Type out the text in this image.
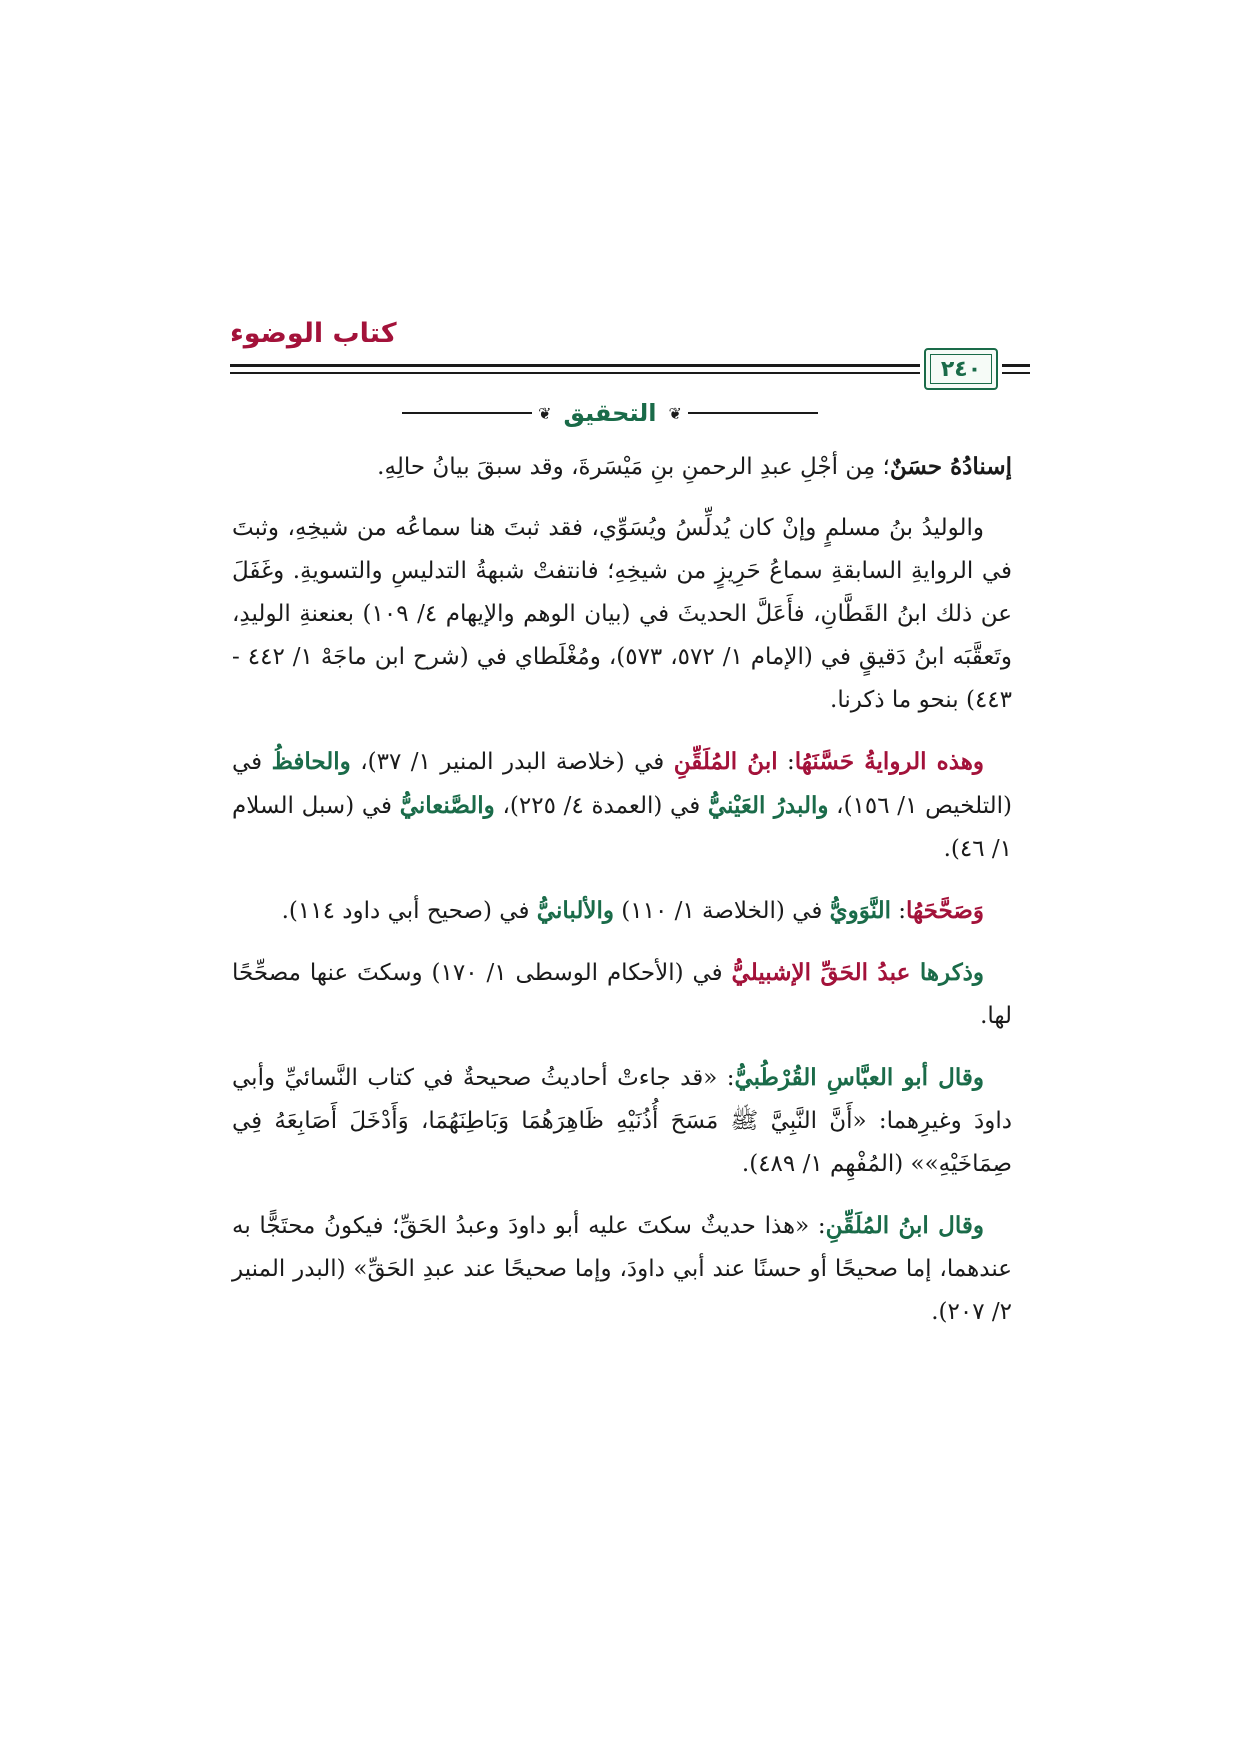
كتاب الوضوء
٢٤٠
❦ التحقيق ❦

إسنادُهُ حسَنٌ؛ مِن أجْلِ عبدِ الرحمنِ بنِ مَيْسَرةَ، وقد سبقَ بيانُ حالِهِ.

والوليدُ بنُ مسلمٍ وإنْ كان يُدلِّسُ ويُسَوِّي، فقد ثبتَ هنا سماعُه من شيخِهِ، وثبتَ في الروايةِ السابقةِ سماعُ حَرِيزٍ من شيخِهِ؛ فانتفتْ شبهةُ التدليسِ والتسويةِ. وغَفَلَ عن ذلك ابنُ القَطَّانِ، فأَعَلَّ الحديثَ في (بيان الوهم والإيهام ٤/ ١٠٩) بعنعنةِ الوليدِ، وتَعقَّبَه ابنُ دَقيقٍ في (الإمام ١/ ٥٧٢، ٥٧٣)، ومُغْلَطاي في (شرح ابن ماجَهْ ١/ ٤٤٢ - ٤٤٣) بنحو ما ذكرنا.

وهذه الروايةُ حَسَّنَهُا: ابنُ المُلَقِّنِ في (خلاصة البدر المنير ١/ ٣٧)، والحافظُ في (التلخيص ١/ ١٥٦)، والبدرُ العَيْنيُّ في (العمدة ٤/ ٢٢٥)، والصَّنعانيُّ في (سبل السلام ١/ ٤٦).

وَصَحَّحَهُا: النَّوَويُّ في (الخلاصة ١/ ١١٠) والألبانيُّ في (صحيح أبي داود ١١٤).

وذكرها عبدُ الحَقِّ الإشبيليُّ في (الأحكام الوسطى ١/ ١٧٠) وسكتَ عنها مصحِّحًا لها.

وقال أبو العبَّاسِ القُرْطُبيُّ: «قد جاءتْ أحاديثُ صحيحةٌ في كتاب النَّسائيِّ وأبي داودَ وغيرِهما: «أَنَّ النَّبِيَّ ﷺ مَسَحَ أُذُنَيْهِ ظَاهِرَهُمَا وَبَاطِنَهُمَا، وَأَدْخَلَ أَصَابِعَهُ فِي صِمَاخَيْهِ»» (المُفْهِم ١/ ٤٨٩).

وقال ابنُ المُلَقِّنِ: «هذا حديثٌ سكتَ عليه أبو داودَ وعبدُ الحَقِّ؛ فيكونُ محتَجًّا به عندهما، إما صحيحًا أو حسنًا عند أبي داودَ، وإما صحيحًا عند عبدِ الحَقِّ» (البدر المنير ٢/ ٢٠٧).
